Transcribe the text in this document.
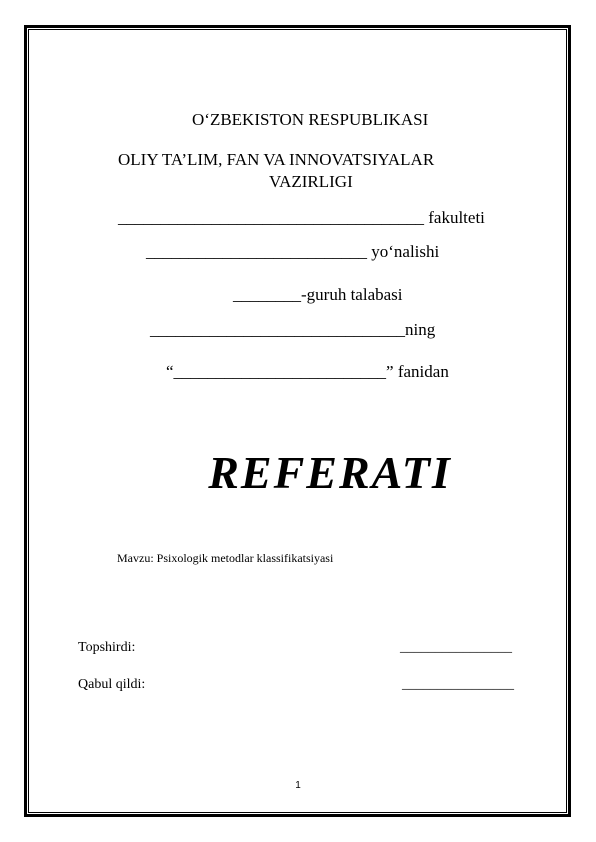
O‘ZBEKISTON RESPUBLIKASI
OLIY TA’LIM, FAN VA INNOVATSIYALAR
VAZIRLIGI
____________________________________ fakulteti
__________________________ yo‘nalishi
________-guruh talabasi
______________________________ning
“_________________________” fanidan
REFERATI
Mavzu: Psixologik metodlar klassifikatsiyasi
Topshirdi:	________________
Qabul qildi:	________________
1
